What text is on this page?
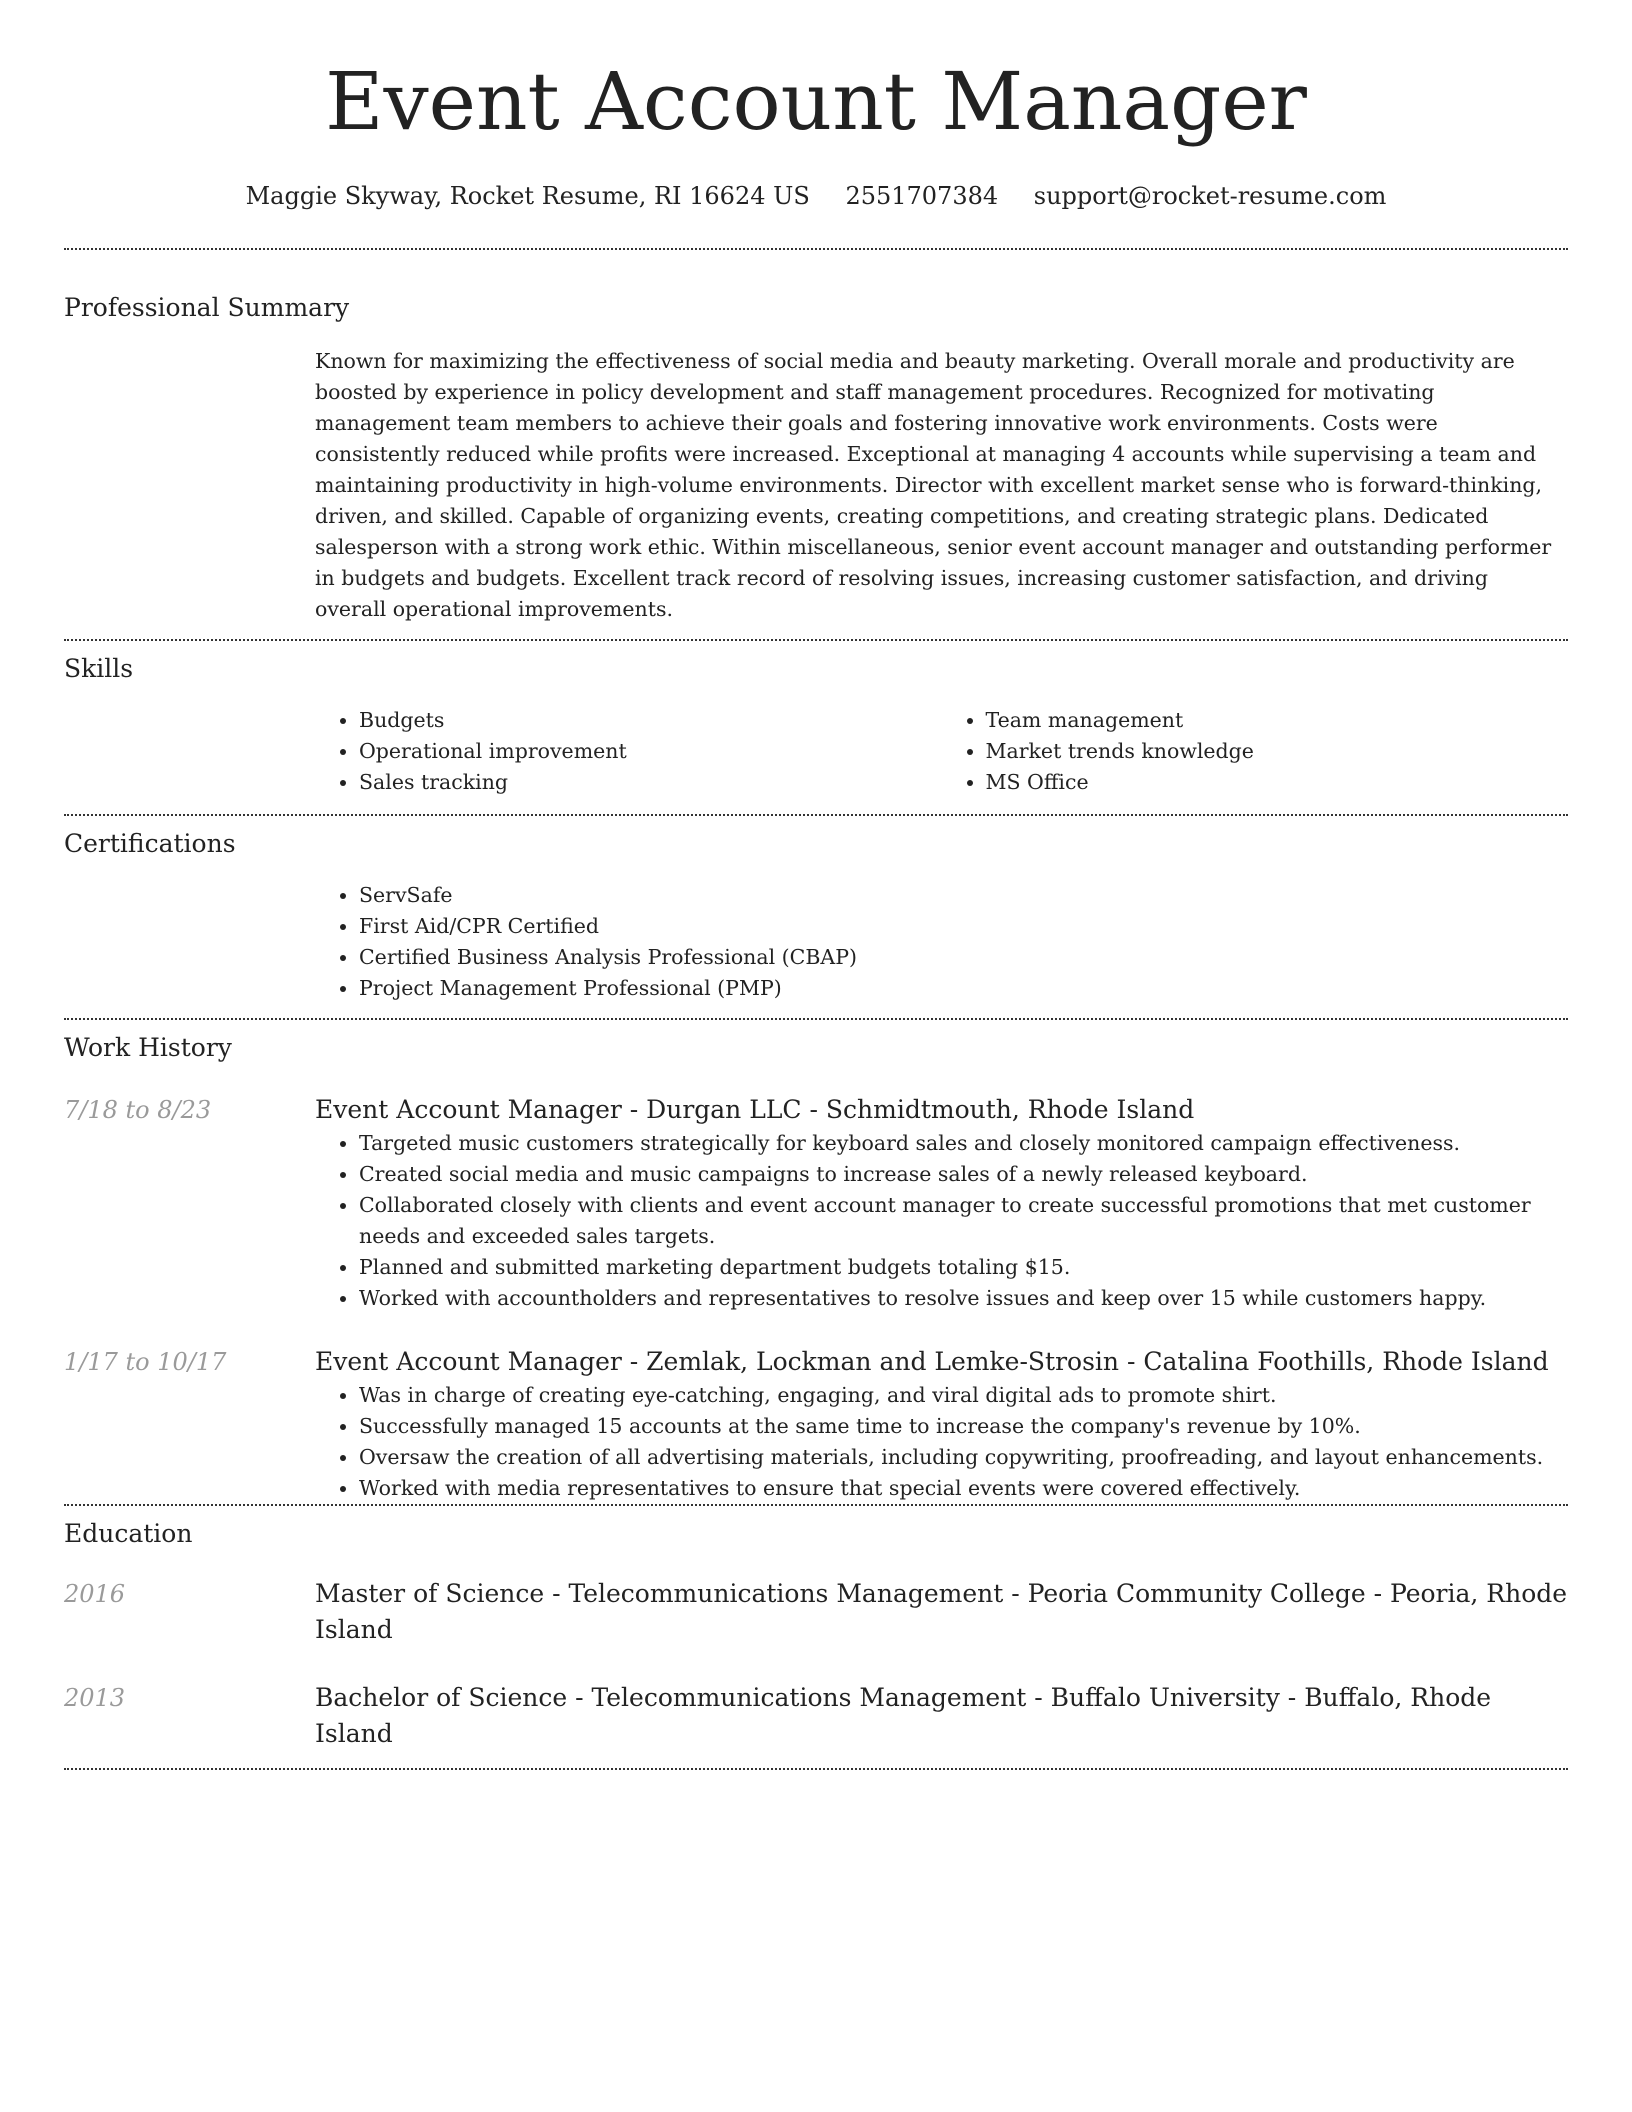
Event Account Manager
Maggie Skyway, Rocket Resume, RI 16624 US 2551707384 support@rocket-resume.com
Professional Summary

Known for maximizing the effectiveness of social media and beauty marketing. Overall morale and productivity are boosted by experience in policy development and staff management procedures. Recognized for motivating management team members to achieve their goals and fostering innovative work environments. Costs were consistently reduced while profits were increased. Exceptional at managing 4 accounts while supervising a team and maintaining productivity in high-volume environments. Director with excellent market sense who is forward-thinking, driven, and skilled. Capable of organizing events, creating competitions, and creating strategic plans. Dedicated salesperson with a strong work ethic. Within miscellaneous, senior event account manager and outstanding performer in budgets and budgets. Excellent track record of resolving issues, increasing customer satisfaction, and driving overall operational improvements.

Skills
• Budgets
• Operational improvement
• Sales tracking
• Team management
• Market trends knowledge
• MS Office
Certifications
• ServSafe
• First Aid/CPR Certified
• Certified Business Analysis Professional (CBAP)
• Project Management Professional (PMP)
Work History
7/18 to 8/23	Event Account Manager - Durgan LLC - Schmidtmouth, Rhode Island

• Targeted music customers strategically for keyboard sales and closely monitored campaign effectiveness.
• Created social media and music campaigns to increase sales of a newly released keyboard.
• Collaborated closely with clients and event account manager to create successful promotions that met customer needs and exceeded sales targets.
• Planned and submitted marketing department budgets totaling $15.
• Worked with accountholders and representatives to resolve issues and keep over 15 while customers happy.
1/17 to 10/17	Event Account Manager - Zemlak, Lockman and Lemke-Strosin - Catalina Foothills, Rhode Island

• Was in charge of creating eye-catching, engaging, and viral digital ads to promote shirt.
• Successfully managed 15 accounts at the same time to increase the company's revenue by 10%.
• Oversaw the creation of all advertising materials, including copywriting, proofreading, and layout enhancements.
• Worked with media representatives to ensure that special events were covered effectively.
Education
2016	Master of Science - Telecommunications Management - Peoria Community College - Peoria, Rhode Island

2013	Bachelor of Science - Telecommunications Management - Buffalo University - Buffalo, Rhode Island
